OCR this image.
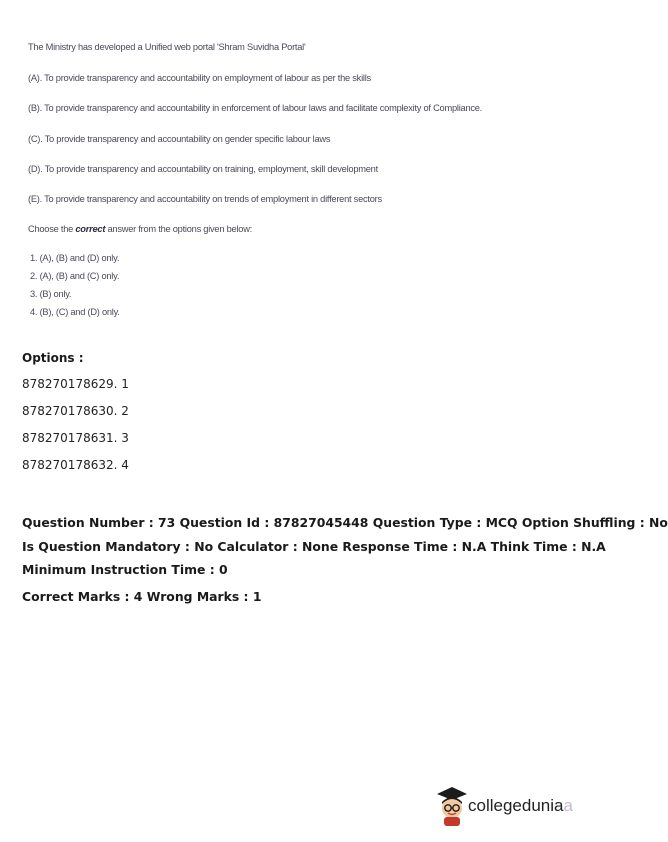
The Ministry has developed a Unified web portal 'Shram Suvidha Portal'
(A). To provide transparency and accountability on employment of labour as per the skills
(B). To provide transparency and accountability in enforcement of labour laws and facilitate complexity of Compliance.
(C). To provide transparency and accountability on gender specific labour laws
(D). To provide transparency and accountability on training, employment, skill development
(E). To provide transparency and accountability on trends of employment in different sectors
Choose the correct answer from the options given below:
1. (A), (B) and (D) only.
2. (A), (B) and (C) only.
3. (B) only.
4. (B), (C) and (D) only.
Options :
878270178629. 1
878270178630. 2
878270178631. 3
878270178632. 4
Question Number : 73 Question Id : 87827045448 Question Type : MCQ Option Shuffling : No
Is Question Mandatory : No Calculator : None Response Time : N.A Think Time : N.A
Minimum Instruction Time : 0
Correct Marks : 4 Wrong Marks : 1
collegeduniaa
